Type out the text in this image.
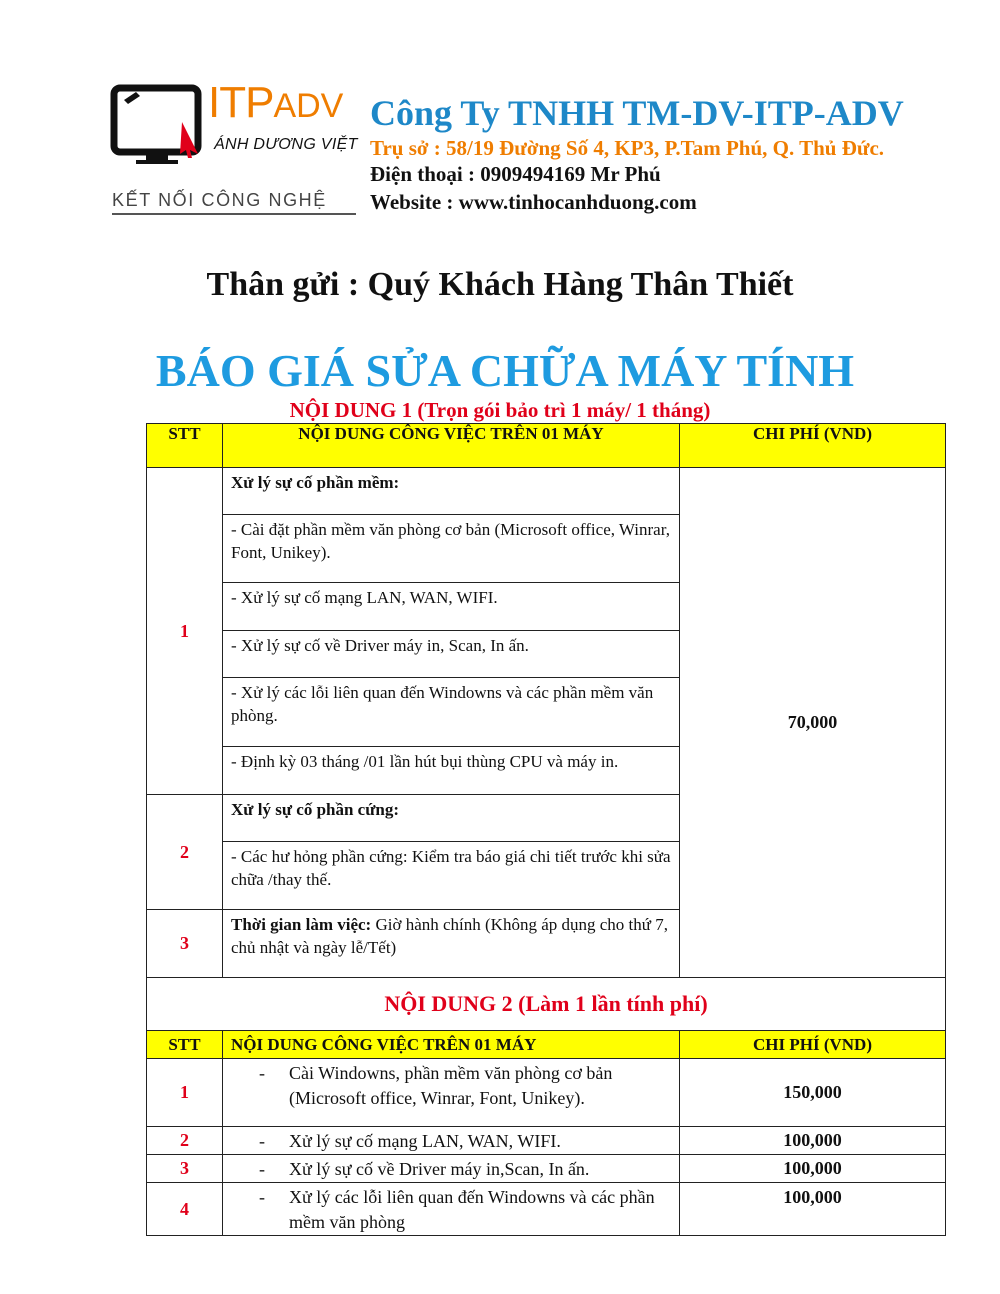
ITPADV
ÁNH DƯƠNG VIỆT
KẾT NỐI CÔNG NGHỆ
Công Ty TNHH TM-DV-ITP-ADV
Trụ sở : 58/19 Đường Số 4, KP3, P.Tam Phú, Q. Thủ Đức.
Điện thoại : 0909494169 Mr Phú
Website : www.tinhocanhduong.com
Thân gửi : Quý Khách Hàng Thân Thiết
BÁO GIÁ SỬA CHỮA MÁY TÍNH
NỘI DUNG 1 (Trọn gói bảo trì 1 máy/ 1 tháng)
STT	NỘI DUNG CÔNG VIỆC TRÊN 01 MÁY	CHI PHÍ (VND)
1	Xử lý sự cố phần mềm:	70,000
	- Cài đặt phần mềm văn phòng cơ bản (Microsoft office, Winrar, Font, Unikey).	
	- Xử lý sự cố mạng LAN, WAN, WIFI.	
	- Xử lý sự cố về Driver máy in, Scan, In ấn.	
	- Xử lý các lỗi liên quan đến Windowns và các phần mềm văn phòng.	
	- Định kỳ 03 tháng /01 lần hút bụi thùng CPU và máy in.	
2	Xử lý sự cố phần cứng:	
	- Các hư hỏng phần cứng: Kiểm tra báo giá chi tiết trước khi sửa chữa /thay thế.	
3	Thời gian làm việc: Giờ hành chính (Không áp dụng cho thứ 7, chủ nhật và ngày lễ/Tết)	
NỘI DUNG 2 (Làm 1 lần tính phí)		
STT	NỘI DUNG CÔNG VIỆC TRÊN 01 MÁY	CHI PHÍ (VND)
1	- Cài Windowns, phần mềm văn phòng cơ bản (Microsoft office, Winrar, Font, Unikey).	150,000
2	- Xử lý sự cố mạng LAN, WAN, WIFI.	100,000
3	- Xử lý sự cố về Driver máy in,Scan, In ấn.	100,000
4	- Xử lý các lỗi liên quan đến Windowns và các phần mềm văn phòng	100,000
